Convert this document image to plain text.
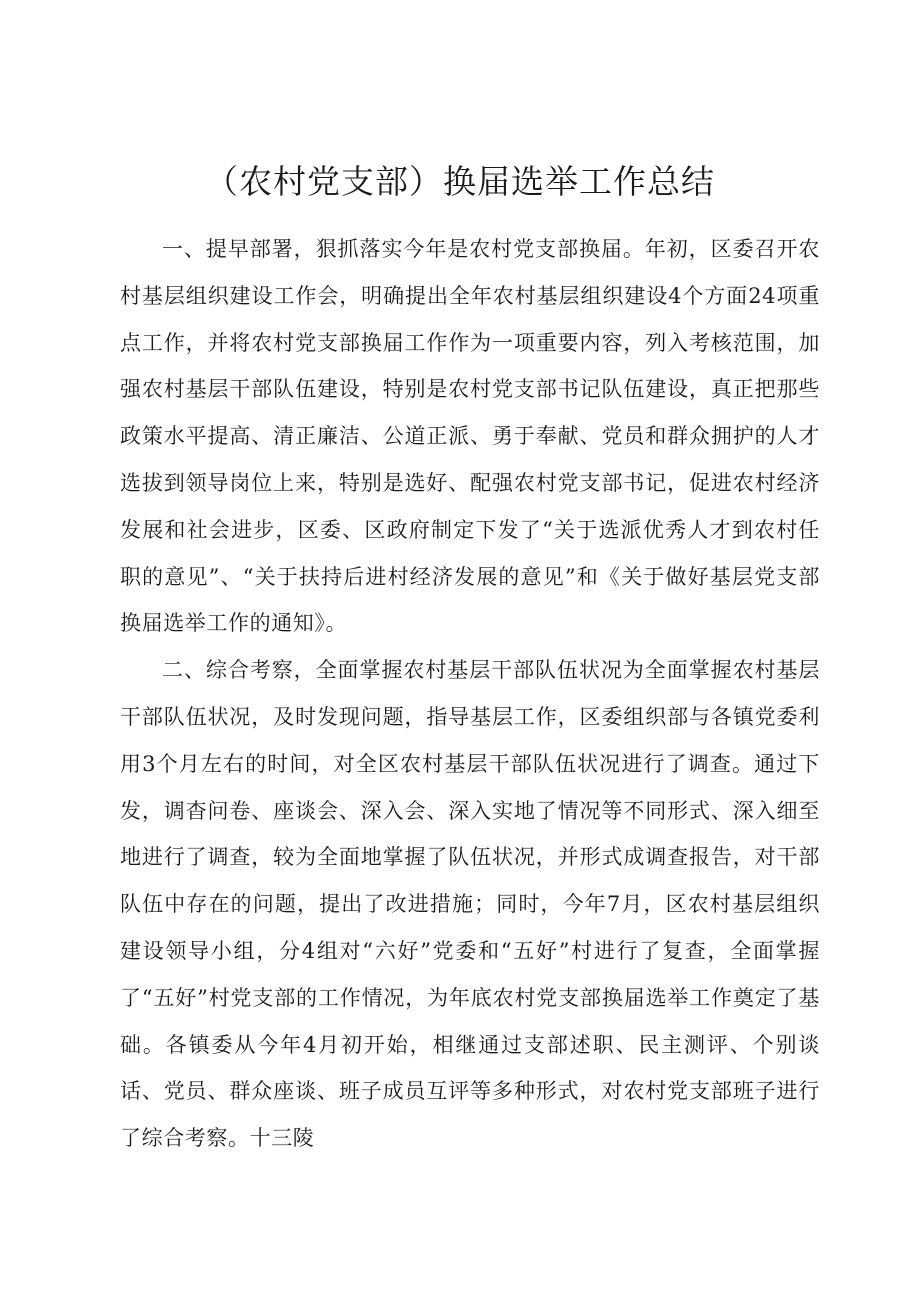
（农村党支部）换届选举工作总结

一、提早部署，狠抓落实今年是农村党支部换届。年初，区委召开农村基层组织建设工作会，明确提出全年农村基层组织建设4个方面24项重点工作，并将农村党支部换届工作作为一项重要内容，列入考核范围，加强农村基层干部队伍建设，特别是农村党支部书记队伍建设，真正把那些政策水平提高、清正廉洁、公道正派、勇于奉献、党员和群众拥护的人才选拔到领导岗位上来，特别是选好、配强农村党支部书记，促进农村经济发展和社会进步，区委、区政府制定下发了“关于选派优秀人才到农村任职的意见”、“关于扶持后进村经济发展的意见”和《关于做好基层党支部换届选举工作的通知》。

二、综合考察，全面掌握农村基层干部队伍状况为全面掌握农村基层干部队伍状况，及时发现问题，指导基层工作，区委组织部与各镇党委利用3个月左右的时间，对全区农村基层干部队伍状况进行了调查。通过下发，调杳问卷、座谈会、深入会、深入实地了情况等不同形式、深入细至地进行了调查，较为全面地掌握了队伍状况，并形式成调查报告，对干部队伍中存在的问题，提出了改进措施；同时，今年7月，区农村基层组织建设领导小组，分4组对“六好”党委和“五好”村进行了复查，全面掌握了“五好”村党支部的工作情况，为年底农村党支部换届选举工作奠定了基础。各镇委从今年4月初开始，相继通过支部述职、民主测评、个别谈话、党员、群众座谈、班子成员互评等多种形式，对农村党支部班子进行了综合考察。十三陵
